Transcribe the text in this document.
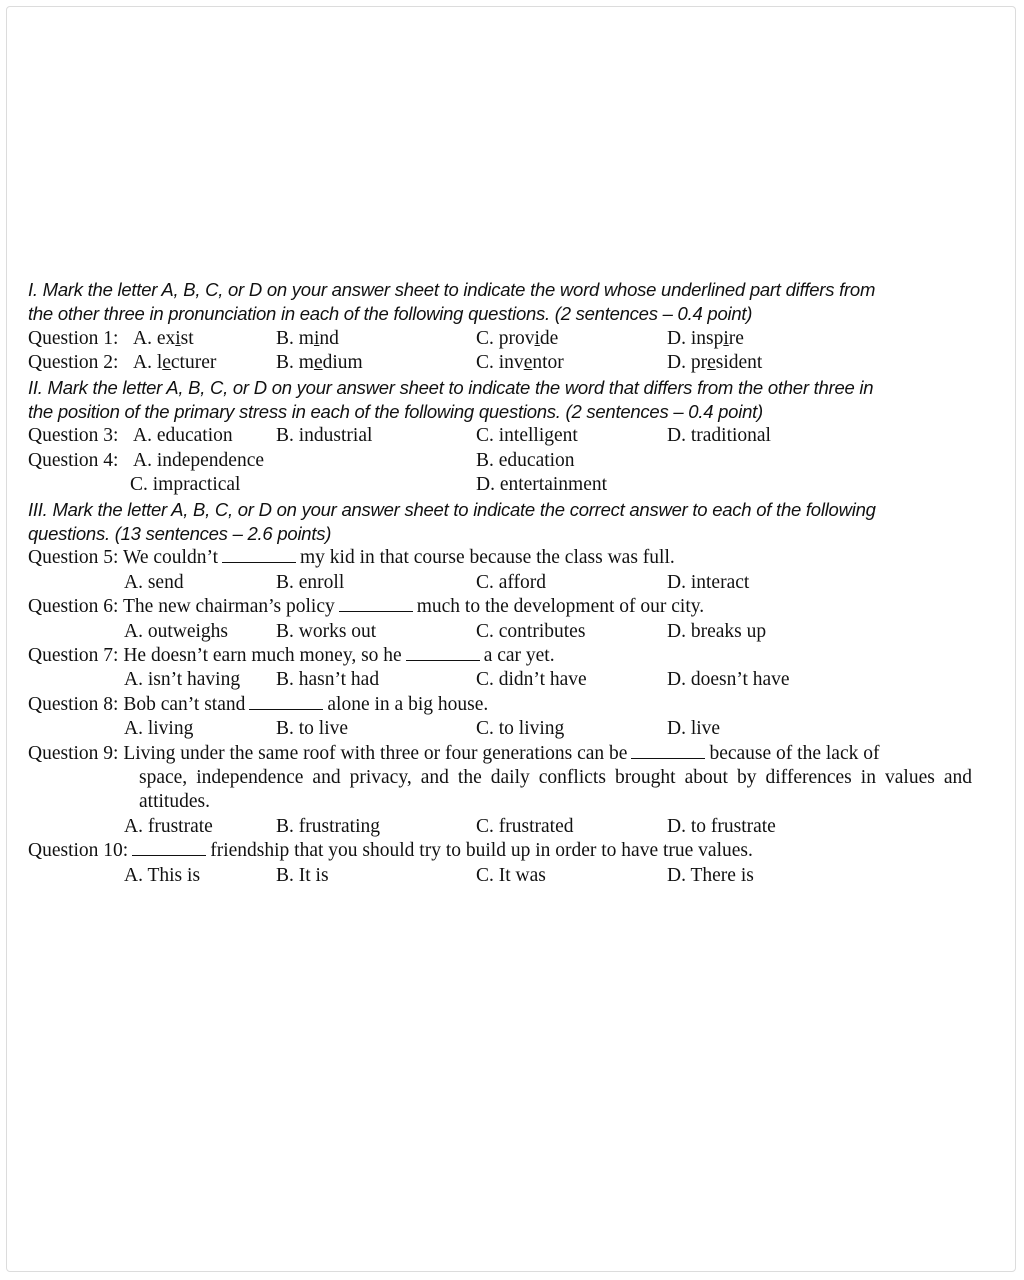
I. Mark the letter A, B, C, or D on your answer sheet to indicate the word whose underlined part differs from
the other three in pronunciation in each of the following questions. (2 sentences – 0.4 point)
Question 1: A. exist	B. mind	C. provide	D. inspire
Question 2: A. lecturer	B. medium	C. inventor	D. president
II. Mark the letter A, B, C, or D on your answer sheet to indicate the word that differs from the other three in
the position of the primary stress in each of the following questions. (2 sentences – 0.4 point)
Question 3: A. education B. industrial	C. intelligent	D. traditional
Question 4: A. independence	B. education
C. impractical	D. entertainment
III. Mark the letter A, B, C, or D on your answer sheet to indicate the correct answer to each of the following
questions. (13 sentences – 2.6 points)
Question 5: We couldn’t	my kid in that course because the class was full.
A. send	B. enroll	C. afford	D. interact
Question 6: The new chairman’s policy	much to the development of our city.
A. outweighs B. works out	C. contributes	D. breaks up
Question 7: He doesn’t earn much money, so he	a car yet.
A. isn’t having B. hasn’t had	C. didn’t have	D. doesn’t have
Question 8: Bob can’t stand	alone in a big house.
A. living	B. to live	C. to living	D. live
Question 9: Living under the same roof with three or four generations can be	because of the lack of
space, independence and privacy, and the daily conflicts brought about by differences in values and attitudes.
A. frustrate	B. frustrating	C. frustrated	D. to frustrate
Question 10:	friendship that you should try to build up in order to have true values.
A. This is	B. It is	C. It was	D. There is
